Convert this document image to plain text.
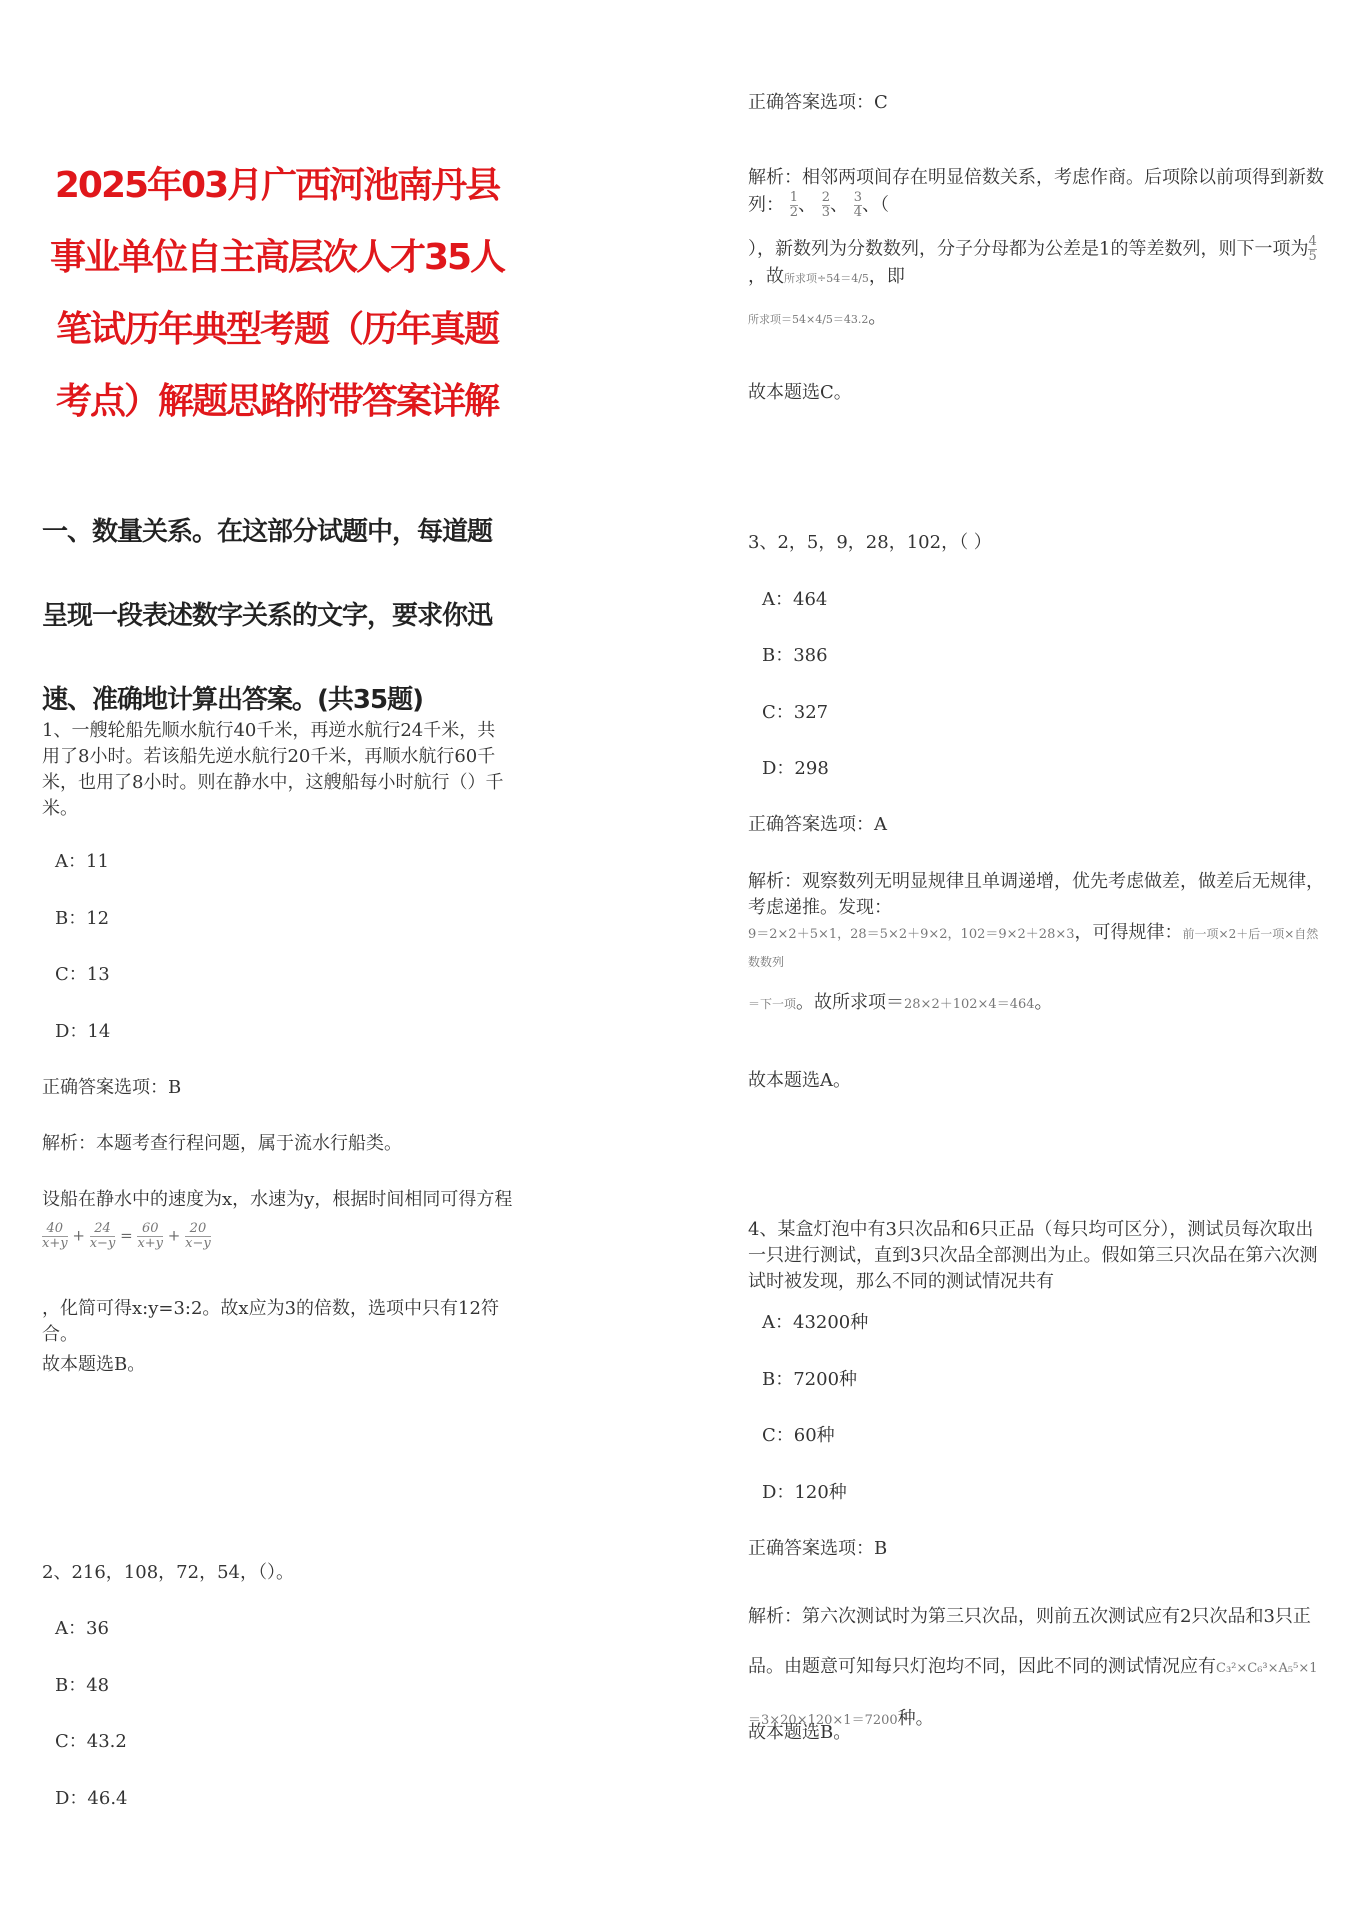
2025年03月广西河池南丹县事业单位自主高层次人才35人笔试历年典型考题（历年真题考点）解题思路附带答案详解
一、数量关系。在这部分试题中，每道题呈现一段表述数字关系的文字，要求你迅速、准确地计算出答案。(共35题)
1、一艘轮船先顺水航行40千米，再逆水航行24千米，共用了8小时。若该船先逆水航行20千米，再顺水航行60千米，也用了8小时。则在静水中，这艘船每小时航行（）千米。
A：11
B：12
C：13
D：14
正确答案选项：B
解析：本题考查行程问题，属于流水行船类。
设船在静水中的速度为x，水速为y，根据时间相同可得方程
$\frac{40}{x+y} + \frac{24}{x-y} = \frac{60}{x+y} + \frac{20}{x-y}$
，化简可得x:y=3:2。故x应为3的倍数，选项中只有12符合。
故本题选B。
2、216，108，72，54，（）。
A：36
B：48
C：43.2
D：46.4
正确答案选项：C
解析：相邻两项间存在明显倍数关系，考虑作商。后项除以前项得到新数列： $\frac{1}{2}$ 、 $\frac{2}{3}$ 、 $\frac{3}{4}$ 、（
），新数列为分数数列，分子分母都为公差是1的等差数列，则下一项为 $\frac{4}{5}$
，故所求项÷54＝4/5，即
所求项＝54×4/5＝43.2。
故本题选C。
3、2，5，9，28，102，（ ）
A：464
B：386
C：327
D：298
正确答案选项：A
解析：观察数列无明显规律且单调递增，优先考虑做差，做差后无规律，考虑递推。发现：
9＝2×2＋5×1，28＝5×2＋9×2，102＝9×2＋28×3，可得规律：前一项×2＋后一项×自然数数列
＝下一项。故所求项＝28×2＋102×4＝464。
故本题选A。
4、某盒灯泡中有3只次品和6只正品（每只均可区分），测试员每次取出一只进行测试，直到3只次品全部测出为止。假如第三只次品在第六次测试时被发现，那么不同的测试情况共有
A：43200种
B：7200种
C：60种
D：120种
正确答案选项：B
解析：第六次测试时为第三只次品，则前五次测试应有2只次品和3只正品。由题意可知每只灯泡均不同，因此不同的测试情况应有C₃²×C₆³×A₅⁵×1＝3×20×120×1＝7200种。
故本题选B。
